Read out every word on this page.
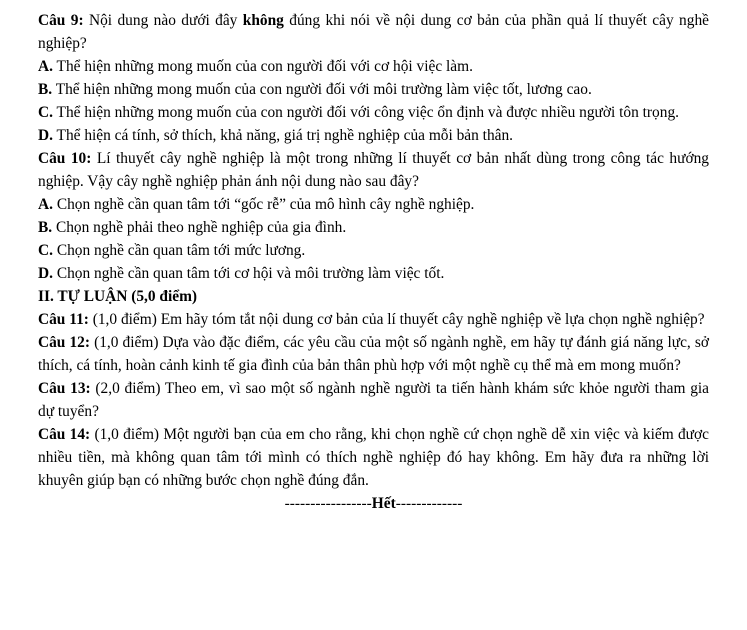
Câu 9: Nội dung nào dưới đây không đúng khi nói về nội dung cơ bản của phần quả lí thuyết cây nghề nghiệp?

A. Thể hiện những mong muốn của con người đối với cơ hội việc làm.

B. Thể hiện những mong muốn của con người đối với môi trường làm việc tốt, lương cao.

C. Thể hiện những mong muốn của con người đối với công việc ổn định và được nhiều người tôn trọng.

D. Thể hiện cá tính, sở thích, khả năng, giá trị nghề nghiệp của mỗi bản thân.

Câu 10: Lí thuyết cây nghề nghiệp là một trong những lí thuyết cơ bản nhất dùng trong công tác hướng nghiệp. Vậy cây nghề nghiệp phản ánh nội dung nào sau đây?

A. Chọn nghề cần quan tâm tới “gốc rễ” của mô hình cây nghề nghiệp.

B. Chọn nghề phải theo nghề nghiệp của gia đình.

C. Chọn nghề cần quan tâm tới mức lương.

D. Chọn nghề cần quan tâm tới cơ hội và môi trường làm việc tốt.

II. TỰ LUẬN (5,0 điểm)

Câu 11: (1,0 điểm) Em hãy tóm tắt nội dung cơ bản của lí thuyết cây nghề nghiệp về lựa chọn nghề nghiệp?

Câu 12: (1,0 điểm) Dựa vào đặc điểm, các yêu cầu của một số ngành nghề, em hãy tự đánh giá năng lực, sở thích, cá tính, hoàn cảnh kinh tế gia đình của bản thân phù hợp với một nghề cụ thể mà em mong muốn?

Câu 13: (2,0 điểm) Theo em, vì sao một số ngành nghề người ta tiến hành khám sức khỏe người tham gia dự tuyển?

Câu 14: (1,0 điểm) Một người bạn của em cho rằng, khi chọn nghề cứ chọn nghề dễ xin việc và kiếm được nhiều tiền, mà không quan tâm tới mình có thích nghề nghiệp đó hay không. Em hãy đưa ra những lời khuyên giúp bạn có những bước chọn nghề đúng đắn.

-----------------Hết-------------
